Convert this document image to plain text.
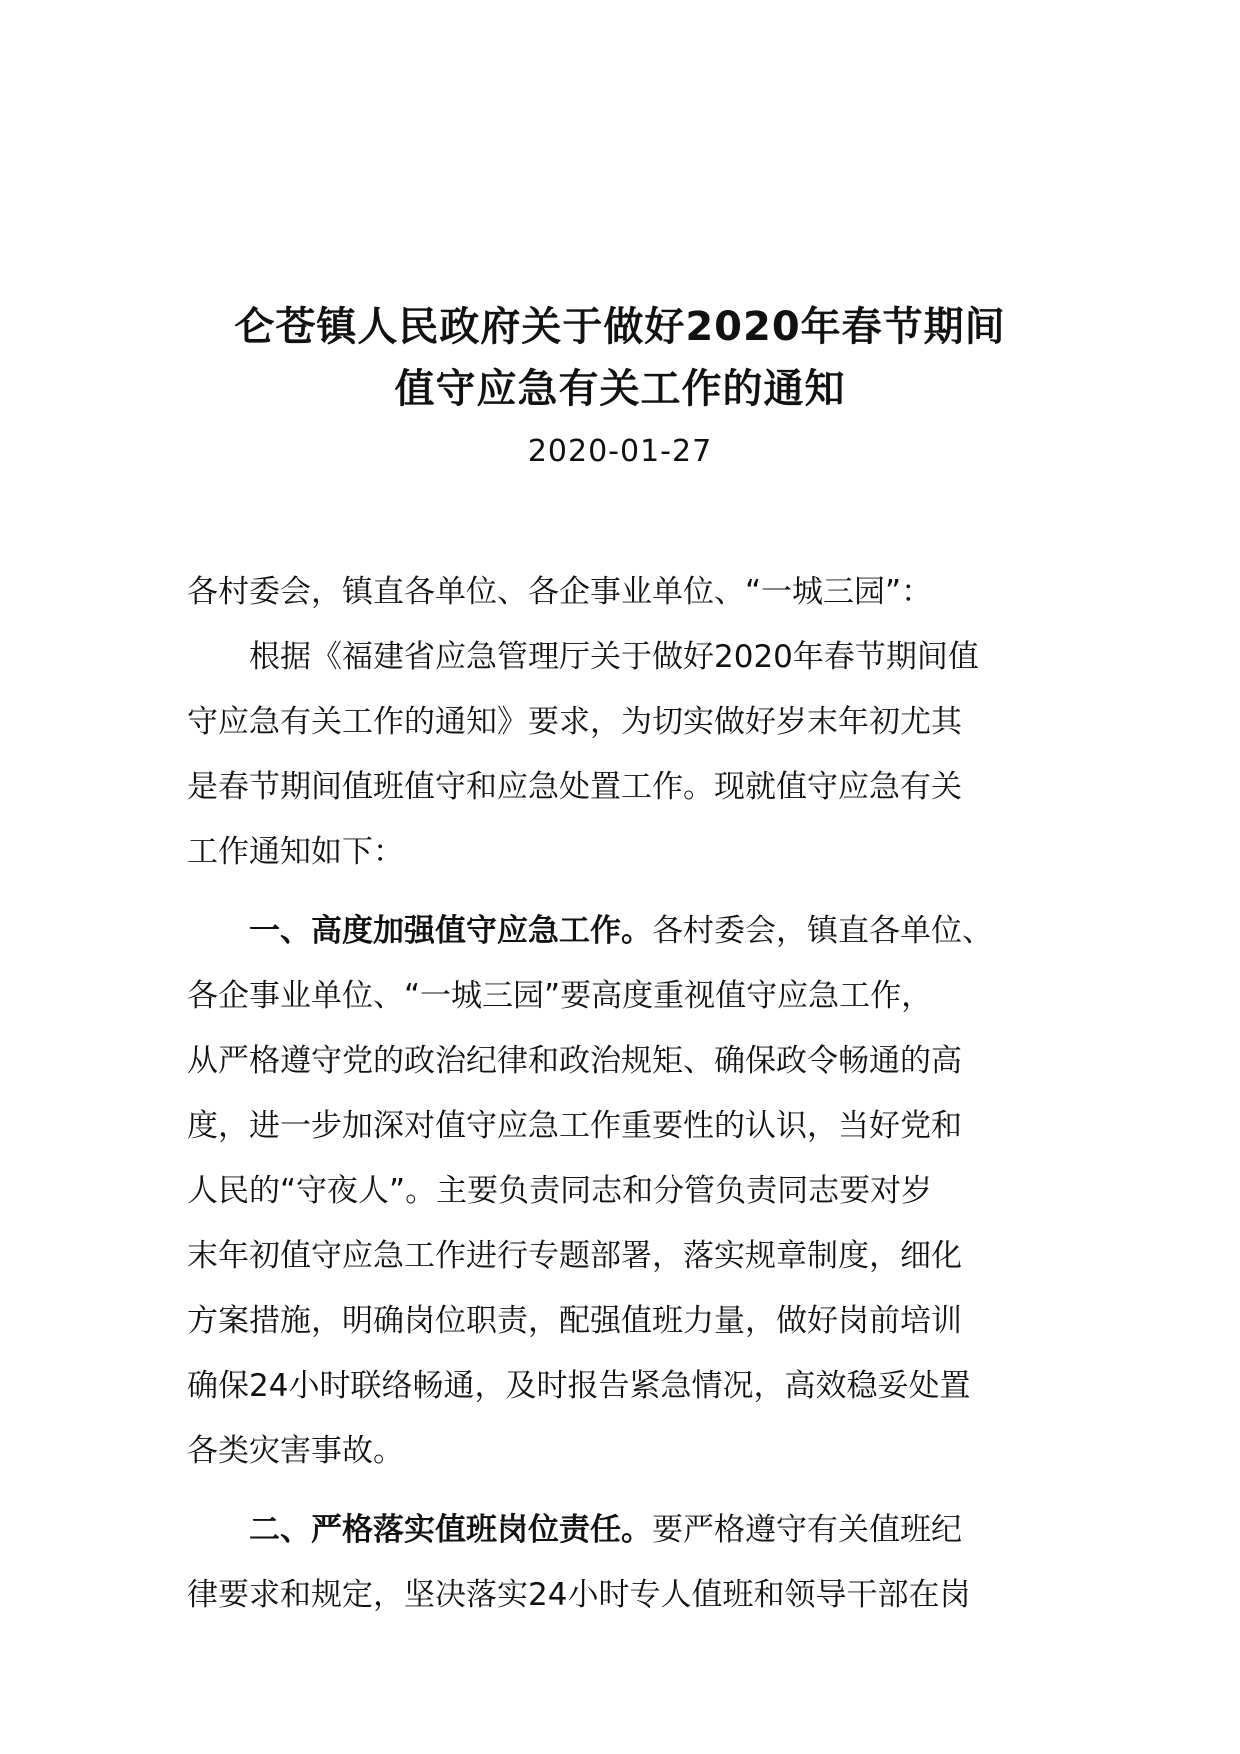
仑苍镇人民政府关于做好2020年春节期间
值守应急有关工作的通知
2020-01-27

各村委会，镇直各单位、各企事业单位、“一城三园”：

根据《福建省应急管理厅关于做好2020年春节期间值
守应急有关工作的通知》要求，为切实做好岁末年初尤其
是春节期间值班值守和应急处置工作。现就值守应急有关
工作通知如下：

一、高度加强值守应急工作。各村委会，镇直各单位、
各企事业单位、“一城三园”要高度重视值守应急工作，
从严格遵守党的政治纪律和政治规矩、确保政令畅通的高
度，进一步加深对值守应急工作重要性的认识，当好党和
人民的“守夜人”。主要负责同志和分管负责同志要对岁
末年初值守应急工作进行专题部署，落实规章制度，细化
方案措施，明确岗位职责，配强值班力量，做好岗前培训
确保24小时联络畅通，及时报告紧急情况，高效稳妥处置
各类灾害事故。

二、严格落实值班岗位责任。要严格遵守有关值班纪
律要求和规定，坚决落实24小时专人值班和领导干部在岗
